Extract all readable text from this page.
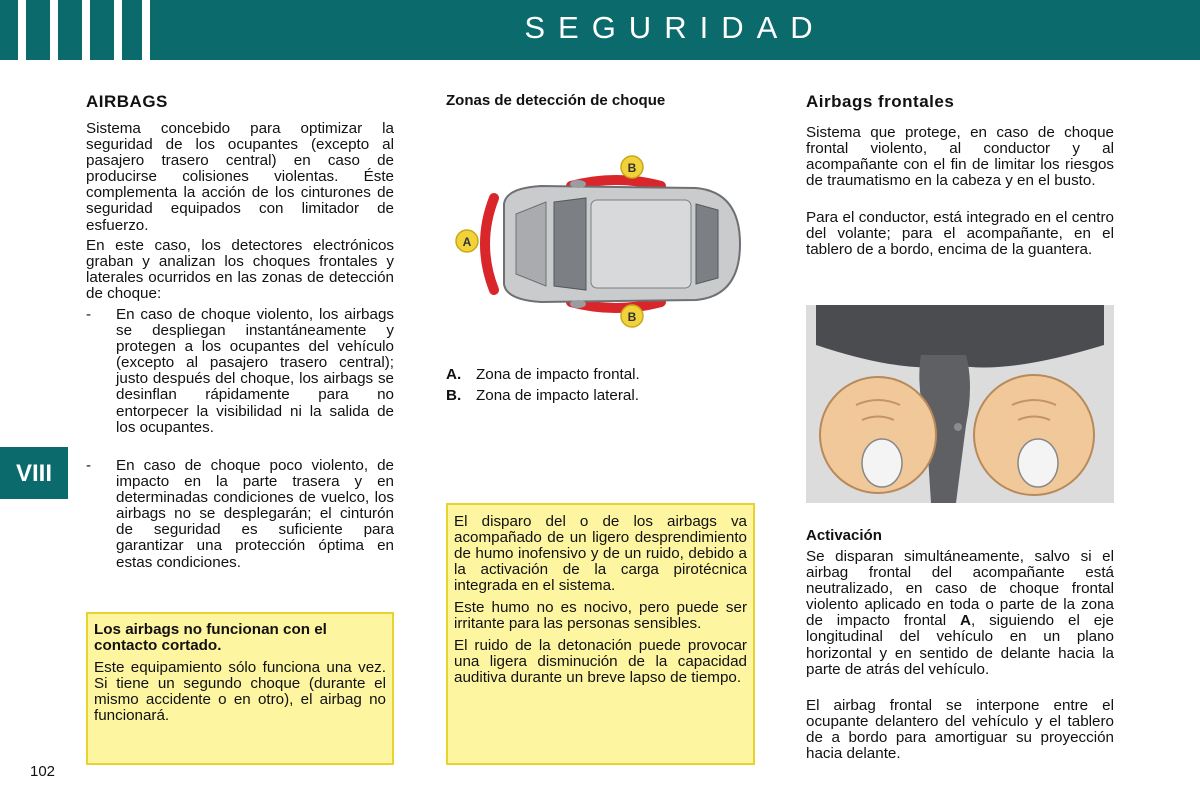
SEGURIDAD
VIII
AIRBAGS

Sistema concebido para optimizar la seguridad de los ocupantes (excepto al pasajero trasero central) en caso de producirse colisiones violentas. Éste complementa la acción de los cinturones de seguridad equipados con limitador de esfuerzo.

En este caso, los detectores electrónicos graban y analizan los choques frontales y laterales ocurridos en las zonas de detección de choque:

- En caso de choque violento, los airbags se despliegan instantáneamente y protegen a los ocupantes del vehículo (excepto al pasajero trasero central); justo después del choque, los airbags se desinflan rápidamente para no entorpecer la visibilidad ni la salida de los ocupantes.
- En caso de choque poco violento, de impacto en la parte trasera y en determinadas condiciones de vuelco, los airbags no se desplegarán; el cinturón de seguridad es suficiente para garantizar una protección óptima en estas condiciones.

Los airbags no funcionan con el contacto cortado.

Este equipamiento sólo funciona una vez. Si tiene un segundo choque (durante el mismo accidente o en otro), el airbag no funcionará.

Zonas de detección de choque
A
B
B
A. Zona de impacto frontal.
B. Zona de impacto lateral.

El disparo del o de los airbags va acompañado de un ligero desprendimiento de humo inofensivo y de un ruido, debido a la activación de la carga pirotécnica integrada en el sistema.

Este humo no es nocivo, pero puede ser irritante para las personas sensibles.

El ruido de la detonación puede provocar una ligera disminución de la capacidad auditiva durante un breve lapso de tiempo.

Airbags frontales

Sistema que protege, en caso de choque frontal violento, al conductor y al acompañante con el fin de limitar los riesgos de traumatismo en la cabeza y en el busto.

Para el conductor, está integrado en el centro del volante; para el acompañante, en el tablero de a bordo, encima de la guantera.

Activación

Se disparan simultáneamente, salvo si el airbag frontal del acompañante está neutralizado, en caso de choque frontal violento aplicado en toda o parte de la zona de impacto frontal A, siguiendo el eje longitudinal del vehículo en un plano horizontal y en sentido de delante hacia la parte de atrás del vehículo.

El airbag frontal se interpone entre el ocupante delantero del vehículo y el tablero de a bordo para amortiguar su proyección hacia delante.

102
